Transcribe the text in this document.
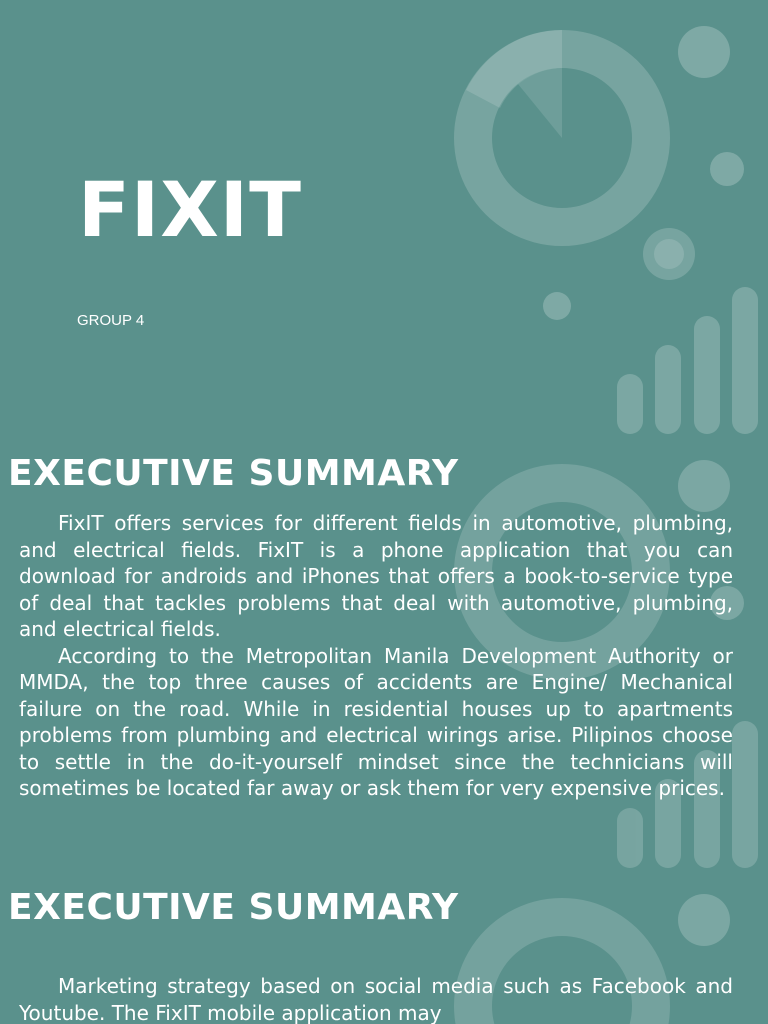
FIXIT
GROUP 4
EXECUTIVE SUMMARY

FixIT offers services for different fields in automotive, plumbing, and electrical fields. FixIT is a phone application that you can download for androids and iPhones that offers a book-to-service type of deal that tackles problems that deal with automotive, plumbing, and electrical fields.

According to the Metropolitan Manila Development Authority or MMDA, the top three causes of accidents are Engine/ Mechanical failure on the road. While in residential houses up to apartments problems from plumbing and electrical wirings arise. Pilipinos choose to settle in the do-it-yourself mindset since the technicians will sometimes be located far away or ask them for very expensive prices.

EXECUTIVE SUMMARY

Marketing strategy based on social media such as Facebook and Youtube. The FixIT mobile application may
